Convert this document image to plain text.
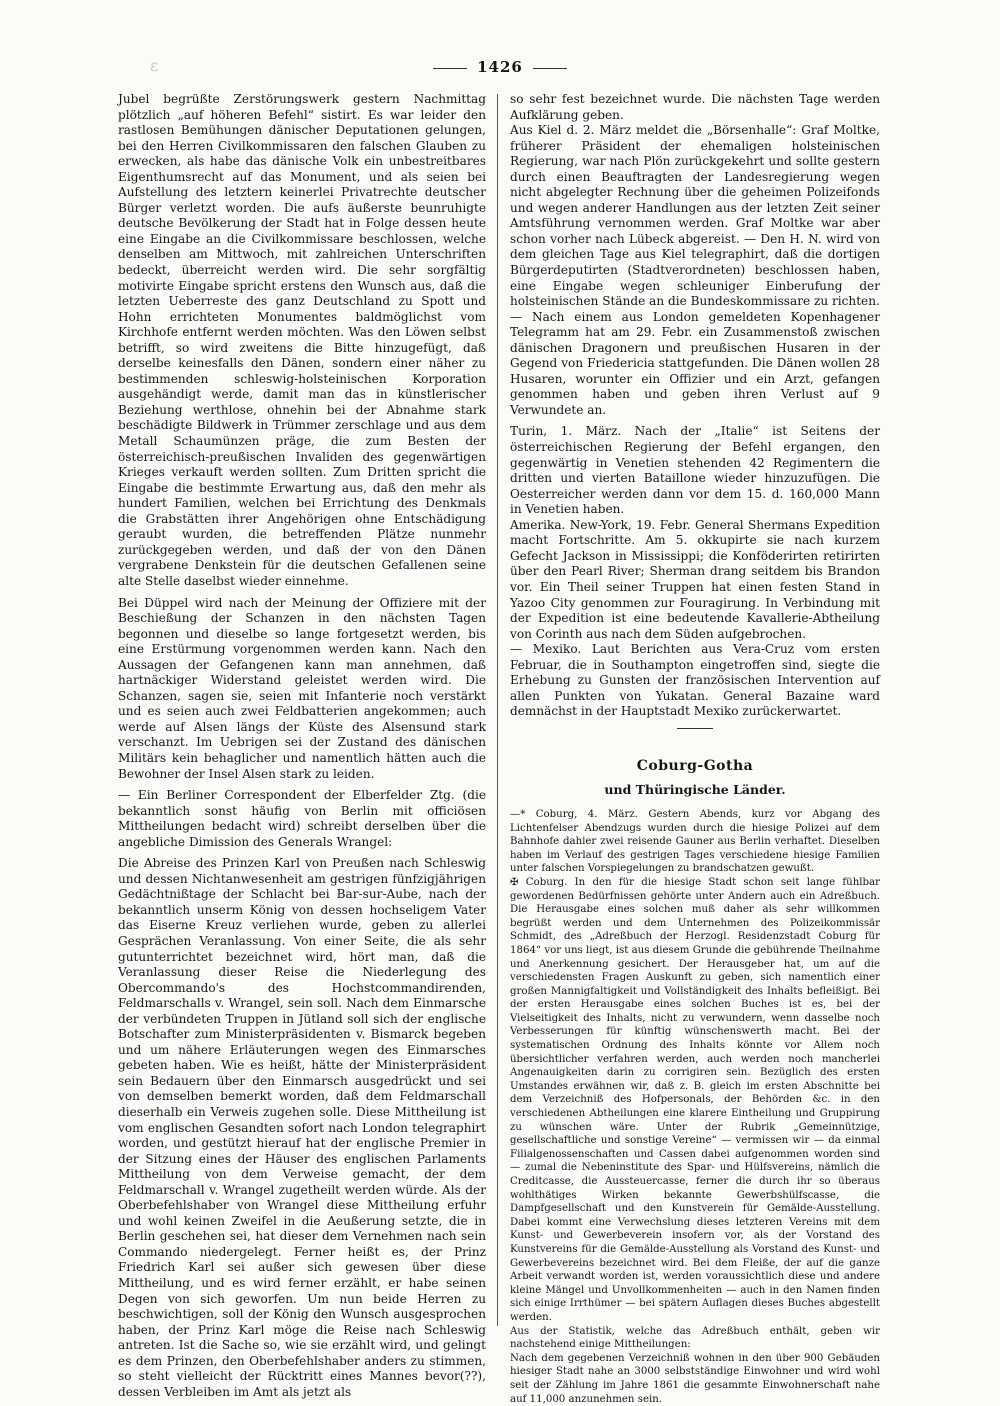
ε	1426

Jubel begrüßte Zerstörungswerk gestern Nachmittag plötzlich „auf höheren Befehl“ sistirt. Es war leider den rastlosen Bemühungen dänischer Deputationen gelungen, bei den Herren Civilkommissaren den falschen Glauben zu erwecken, als habe das dänische Volk ein unbestreitbares Eigenthumsrecht auf das Monument, und als seien bei Aufstellung des letztern keinerlei Privatrechte deutscher Bürger verletzt worden. Die aufs äußerste beunruhigte deutsche Bevölkerung der Stadt hat in Folge dessen heute eine Eingabe an die Civilkommissare beschlossen, welche denselben am Mittwoch, mit zahlreichen Unterschriften bedeckt, überreicht werden wird. Die sehr sorgfältig motivirte Eingabe spricht erstens den Wunsch aus, daß die letzten Ueberreste des ganz Deutschland zu Spott und Hohn errichteten Monumentes baldmöglichst vom Kirchhofe entfernt werden möchten. Was den Löwen selbst betrifft, so wird zweitens die Bitte hinzugefügt, daß derselbe keinesfalls den Dänen, sondern einer näher zu bestimmenden schleswig-holsteinischen Korporation ausgehändigt werde, damit man das in künstlerischer Beziehung werthlose, ohnehin bei der Abnahme stark beschädigte Bildwerk in Trümmer zerschlage und aus dem Metall Schaumünzen präge, die zum Besten der österreichisch-preußischen Invaliden des gegenwärtigen Krieges verkauft werden sollten. Zum Dritten spricht die Eingabe die bestimmte Erwartung aus, daß den mehr als hundert Familien, welchen bei Errichtung des Denkmals die Grabstätten ihrer Angehörigen ohne Entschädigung geraubt wurden, die betreffenden Plätze nunmehr zurückgegeben werden, und daß der von den Dänen vergrabene Denkstein für die deutschen Gefallenen seine alte Stelle daselbst wieder einnehme.

Bei Düppel wird nach der Meinung der Offiziere mit der Beschießung der Schanzen in den nächsten Tagen begonnen und dieselbe so lange fortgesetzt werden, bis eine Erstürmung vorgenommen werden kann. Nach den Aussagen der Gefangenen kann man annehmen, daß hartnäckiger Widerstand geleistet werden wird. Die Schanzen, sagen sie, seien mit Infanterie noch verstärkt und es seien auch zwei Feldbatterien angekommen; auch werde auf Alsen längs der Küste des Alsensund stark verschanzt. Im Uebrigen sei der Zustand des dänischen Militärs kein behaglicher und namentlich hätten auch die Bewohner der Insel Alsen stark zu leiden.

— Ein Berliner Correspondent der Elberfelder Ztg. (die bekanntlich sonst häufig von Berlin mit officiösen Mittheilungen bedacht wird) schreibt derselben über die angebliche Dimission des Generals Wrangel:

Die Abreise des Prinzen Karl von Preußen nach Schleswig und dessen Nichtanwesenheit am gestrigen fünfzigjährigen Gedächtnißtage der Schlacht bei Bar-sur-Aube, nach der bekanntlich unserm König von dessen hochseligem Vater das Eiserne Kreuz verliehen wurde, geben zu allerlei Gesprächen Veranlassung. Von einer Seite, die als sehr gutunterrichtet bezeichnet wird, hört man, daß die Veranlassung dieser Reise die Niederlegung des Obercommando's des Hochstcommandirenden, Feldmarschalls v. Wrangel, sein soll. Nach dem Einmarsche der verbündeten Truppen in Jütland soll sich der englische Botschafter zum Ministerpräsidenten v. Bismarck begeben und um nähere Erläuterungen wegen des Einmarsches gebeten haben. Wie es heißt, hätte der Ministerpräsident sein Bedauern über den Einmarsch ausgedrückt und sei von demselben bemerkt worden, daß dem Feldmarschall dieserhalb ein Verweis zugehen solle. Diese Mittheilung ist vom englischen Gesandten sofort nach London telegraphirt worden, und gestützt hierauf hat der englische Premier in der Sitzung eines der Häuser des englischen Parlaments Mittheilung von dem Verweise gemacht, der dem Feldmarschall v. Wrangel zugetheilt werden würde. Als der Oberbefehlshaber von Wrangel diese Mittheilung erfuhr und wohl keinen Zweifel in die Aeußerung setzte, die in Berlin geschehen sei, hat dieser dem Vernehmen nach sein Commando niedergelegt. Ferner heißt es, der Prinz Friedrich Karl sei außer sich gewesen über diese Mittheilung, und es wird ferner erzählt, er habe seinen Degen von sich geworfen. Um nun beide Herren zu beschwichtigen, soll der König den Wunsch ausgesprochen haben, der Prinz Karl möge die Reise nach Schleswig antreten. Ist die Sache so, wie sie erzählt wird, und gelingt es dem Prinzen, den Oberbefehlshaber anders zu stimmen, so steht vielleicht der Rücktritt eines Mannes bevor(??), dessen Verbleiben im Amt als jetzt als

so sehr fest bezeichnet wurde. Die nächsten Tage werden Aufklärung geben.

Aus Kiel d. 2. März meldet die „Börsenhalle“: Graf Moltke, früherer Präsident der ehemaligen holsteinischen Regierung, war nach Plön zurückgekehrt und sollte gestern durch einen Beauftragten der Landesregierung wegen nicht abgelegter Rechnung über die geheimen Polizeifonds und wegen anderer Handlungen aus der letzten Zeit seiner Amtsführung vernommen werden. Graf Moltke war aber schon vorher nach Lübeck abgereist. — Den H. N. wird von dem gleichen Tage aus Kiel telegraphirt, daß die dortigen Bürgerdeputirten (Stadtverordneten) beschlossen haben, eine Eingabe wegen schleuniger Einberufung der holsteinischen Stände an die Bundeskommissare zu richten.

— Nach einem aus London gemeldeten Kopenhagener Telegramm hat am 29. Febr. ein Zusammenstoß zwischen dänischen Dragonern und preußischen Husaren in der Gegend von Friedericia stattgefunden. Die Dänen wollen 28 Husaren, worunter ein Offizier und ein Arzt, gefangen genommen haben und geben ihren Verlust auf 9 Verwundete an.

Turin, 1. März. Nach der „Italie“ ist Seitens der österreichischen Regierung der Befehl ergangen, den gegenwärtig in Venetien stehenden 42 Regimentern die dritten und vierten Bataillone wieder hinzuzufügen. Die Oesterreicher werden dann vor dem 15. d. 160,000 Mann in Venetien haben.

Amerika. New-York, 19. Febr. General Shermans Expedition macht Fortschritte. Am 5. okkupirte sie nach kurzem Gefecht Jackson in Mississippi; die Konföderirten retirirten über den Pearl River; Sherman drang seitdem bis Brandon vor. Ein Theil seiner Truppen hat einen festen Stand in Yazoo City genommen zur Fouragirung. In Verbindung mit der Expedition ist eine bedeutende Kavallerie-Abtheilung von Corinth aus nach dem Süden aufgebrochen.

— Mexiko. Laut Berichten aus Vera-Cruz vom ersten Februar, die in Southampton eingetroffen sind, siegte die Erhebung zu Gunsten der französischen Intervention auf allen Punkten von Yukatan. General Bazaine ward demnächst in der Hauptstadt Mexiko zurückerwartet.

Coburg-Gotha
und Thüringische Länder.

—* Coburg, 4. März. Gestern Abends, kurz vor Abgang des Lichtenfelser Abendzugs wurden durch die hiesige Polizei auf dem Bahnhofe dahier zwei reisende Gauner aus Berlin verhaftet. Dieselben haben im Verlauf des gestrigen Tages verschiedene hiesige Familien unter falschen Vorspiegelungen zu brandschatzen gewußt.

✠ Coburg. In den für die hiesige Stadt schon seit lange fühlbar gewordenen Bedürfnissen gehörte unter Andern auch ein Adreßbuch. Die Herausgabe eines solchen muß daher als sehr willkommen begrüßt werden und dem Unternehmen des Polizeikommissär Schmidt, des „Adreßbuch der Herzogl. Residenzstadt Coburg für 1864“ vor uns liegt, ist aus diesem Grunde die gebührende Theilnahme und Anerkennung gesichert. Der Herausgeber hat, um auf die verschiedensten Fragen Auskunft zu geben, sich namentlich einer großen Mannigfaltigkeit und Vollständigkeit des Inhalts befleißigt. Bei der ersten Herausgabe eines solchen Buches ist es, bei der Vielseitigkeit des Inhalts, nicht zu verwundern, wenn dasselbe noch Verbesserungen für künftig wünschenswerth macht. Bei der systematischen Ordnung des Inhalts könnte vor Allem noch übersichtlicher verfahren werden, auch werden noch mancherlei Angenauigkeiten darin zu corrigiren sein. Bezüglich des ersten Umstandes erwähnen wir, daß z. B. gleich im ersten Abschnitte bei dem Verzeichniß des Hofpersonals, der Behörden &c. in den verschiedenen Abtheilungen eine klarere Eintheilung und Gruppirung zu wünschen wäre. Unter der Rubrik „Gemeinnützige, gesellschaftliche und sonstige Vereine“ — vermissen wir — da einmal Filialgenossenschaften und Cassen dabei aufgenommen worden sind — zumal die Nebeninstitute des Spar- und Hülfsvereins, nämlich die Creditcasse, die Aussteuercasse, ferner die durch ihr so überaus wohlthätiges Wirken bekannte Gewerbshülfscasse, die Dampfgesellschaft und den Kunstverein für Gemälde-Ausstellung. Dabei kommt eine Verwechslung dieses letzteren Vereins mit dem Kunst- und Gewerbeverein insofern vor, als der Vorstand des Kunstvereins für die Gemälde-Ausstellung als Vorstand des Kunst- und Gewerbevereins bezeichnet wird. Bei dem Fleiße, der auf die ganze Arbeit verwandt worden ist, werden voraussichtlich diese und andere kleine Mängel und Unvollkommenheiten — auch in den Namen finden sich einige Irrthümer — bei spätern Auflagen dieses Buches abgestellt werden.

Aus der Statistik, welche das Adreßbuch enthält, geben wir nachstehend einige Mittheilungen:

Nach dem gegebenen Verzeichniß wohnen in den über 900 Gebäuden hiesiger Stadt nahe an 3000 selbstständige Einwohner und wird wohl seit der Zählung im Jahre 1861 die gesammte Einwohnerschaft nahe auf 11,000 anzunehmen sein.
